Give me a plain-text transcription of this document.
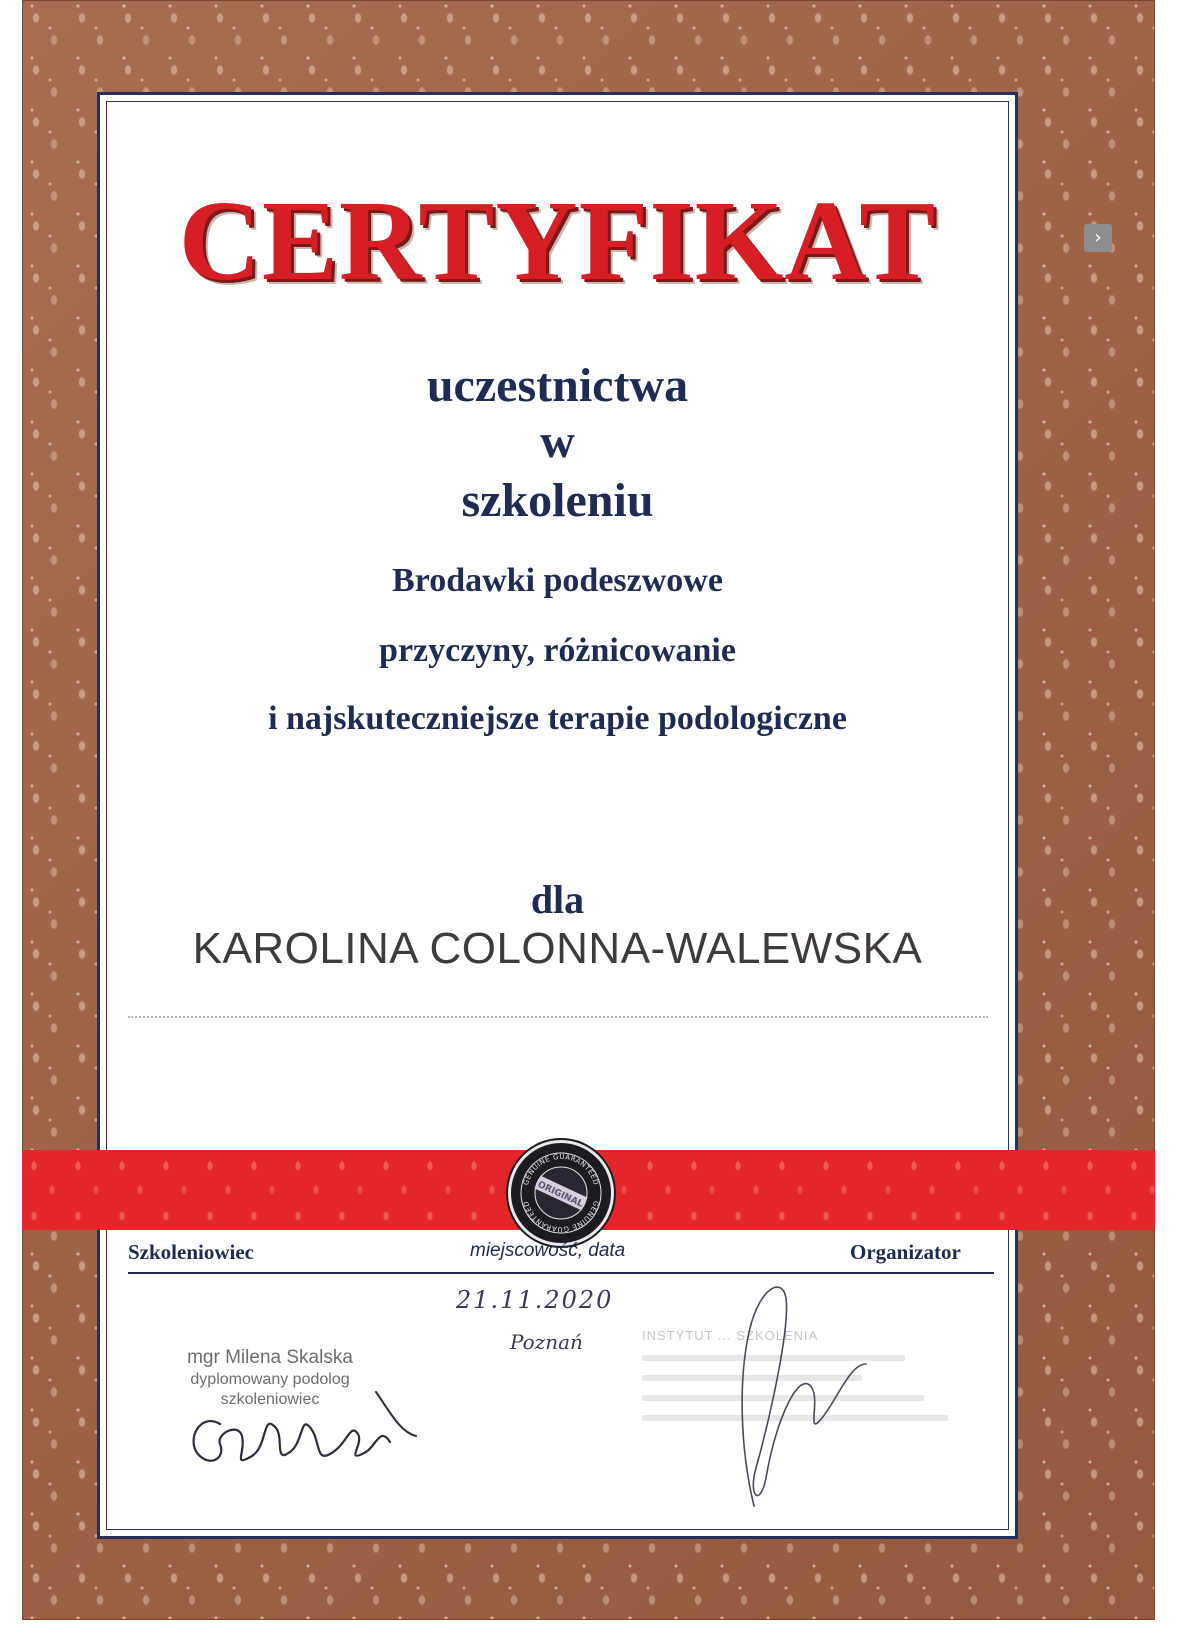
›
CERTYFIKAT
uczestnictwa
w
szkoleniu
Brodawki podeszwowe
przyczyny, różnicowanie
i najskuteczniejsze terapie podologiczne
dla
KAROLINA COLONNA-WALEWSKA
GENUINE GUARANTEED
GENUINE GUARANTEED ORIGINAL
Szkoleniowiec	miejscowość, data	Organizator
21.11.2020
Poznań
mgr Milena Skalska
dyplomowany podolog
szkoleniowiec
INSTYTUT ... SZKOLENIA
